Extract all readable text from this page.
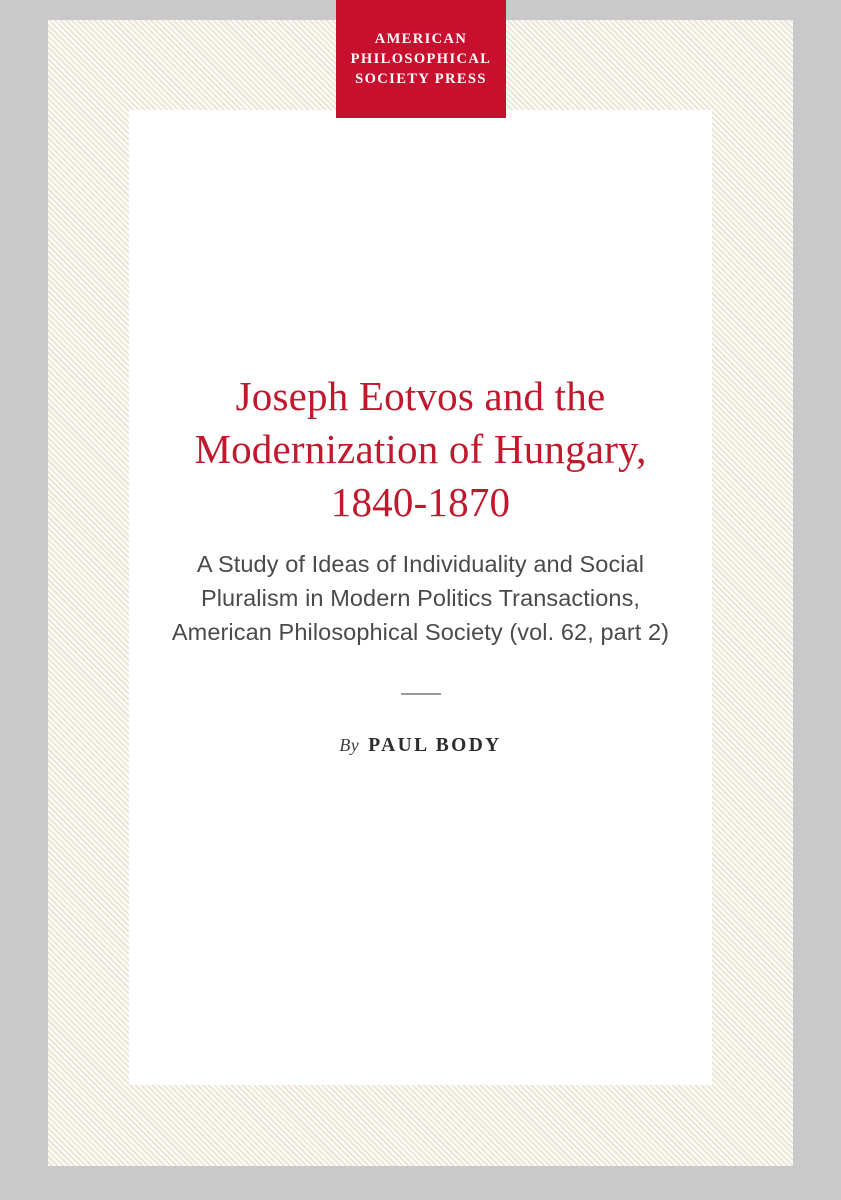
AMERICAN
PHILOSOPHICAL
SOCIETY PRESS
Joseph Eotvos and the Modernization of Hungary, 1840-1870

A Study of Ideas of Individuality and Social Pluralism in Modern Politics Transactions, American Philosophical Society (vol. 62, part 2)

By PAUL BODY
